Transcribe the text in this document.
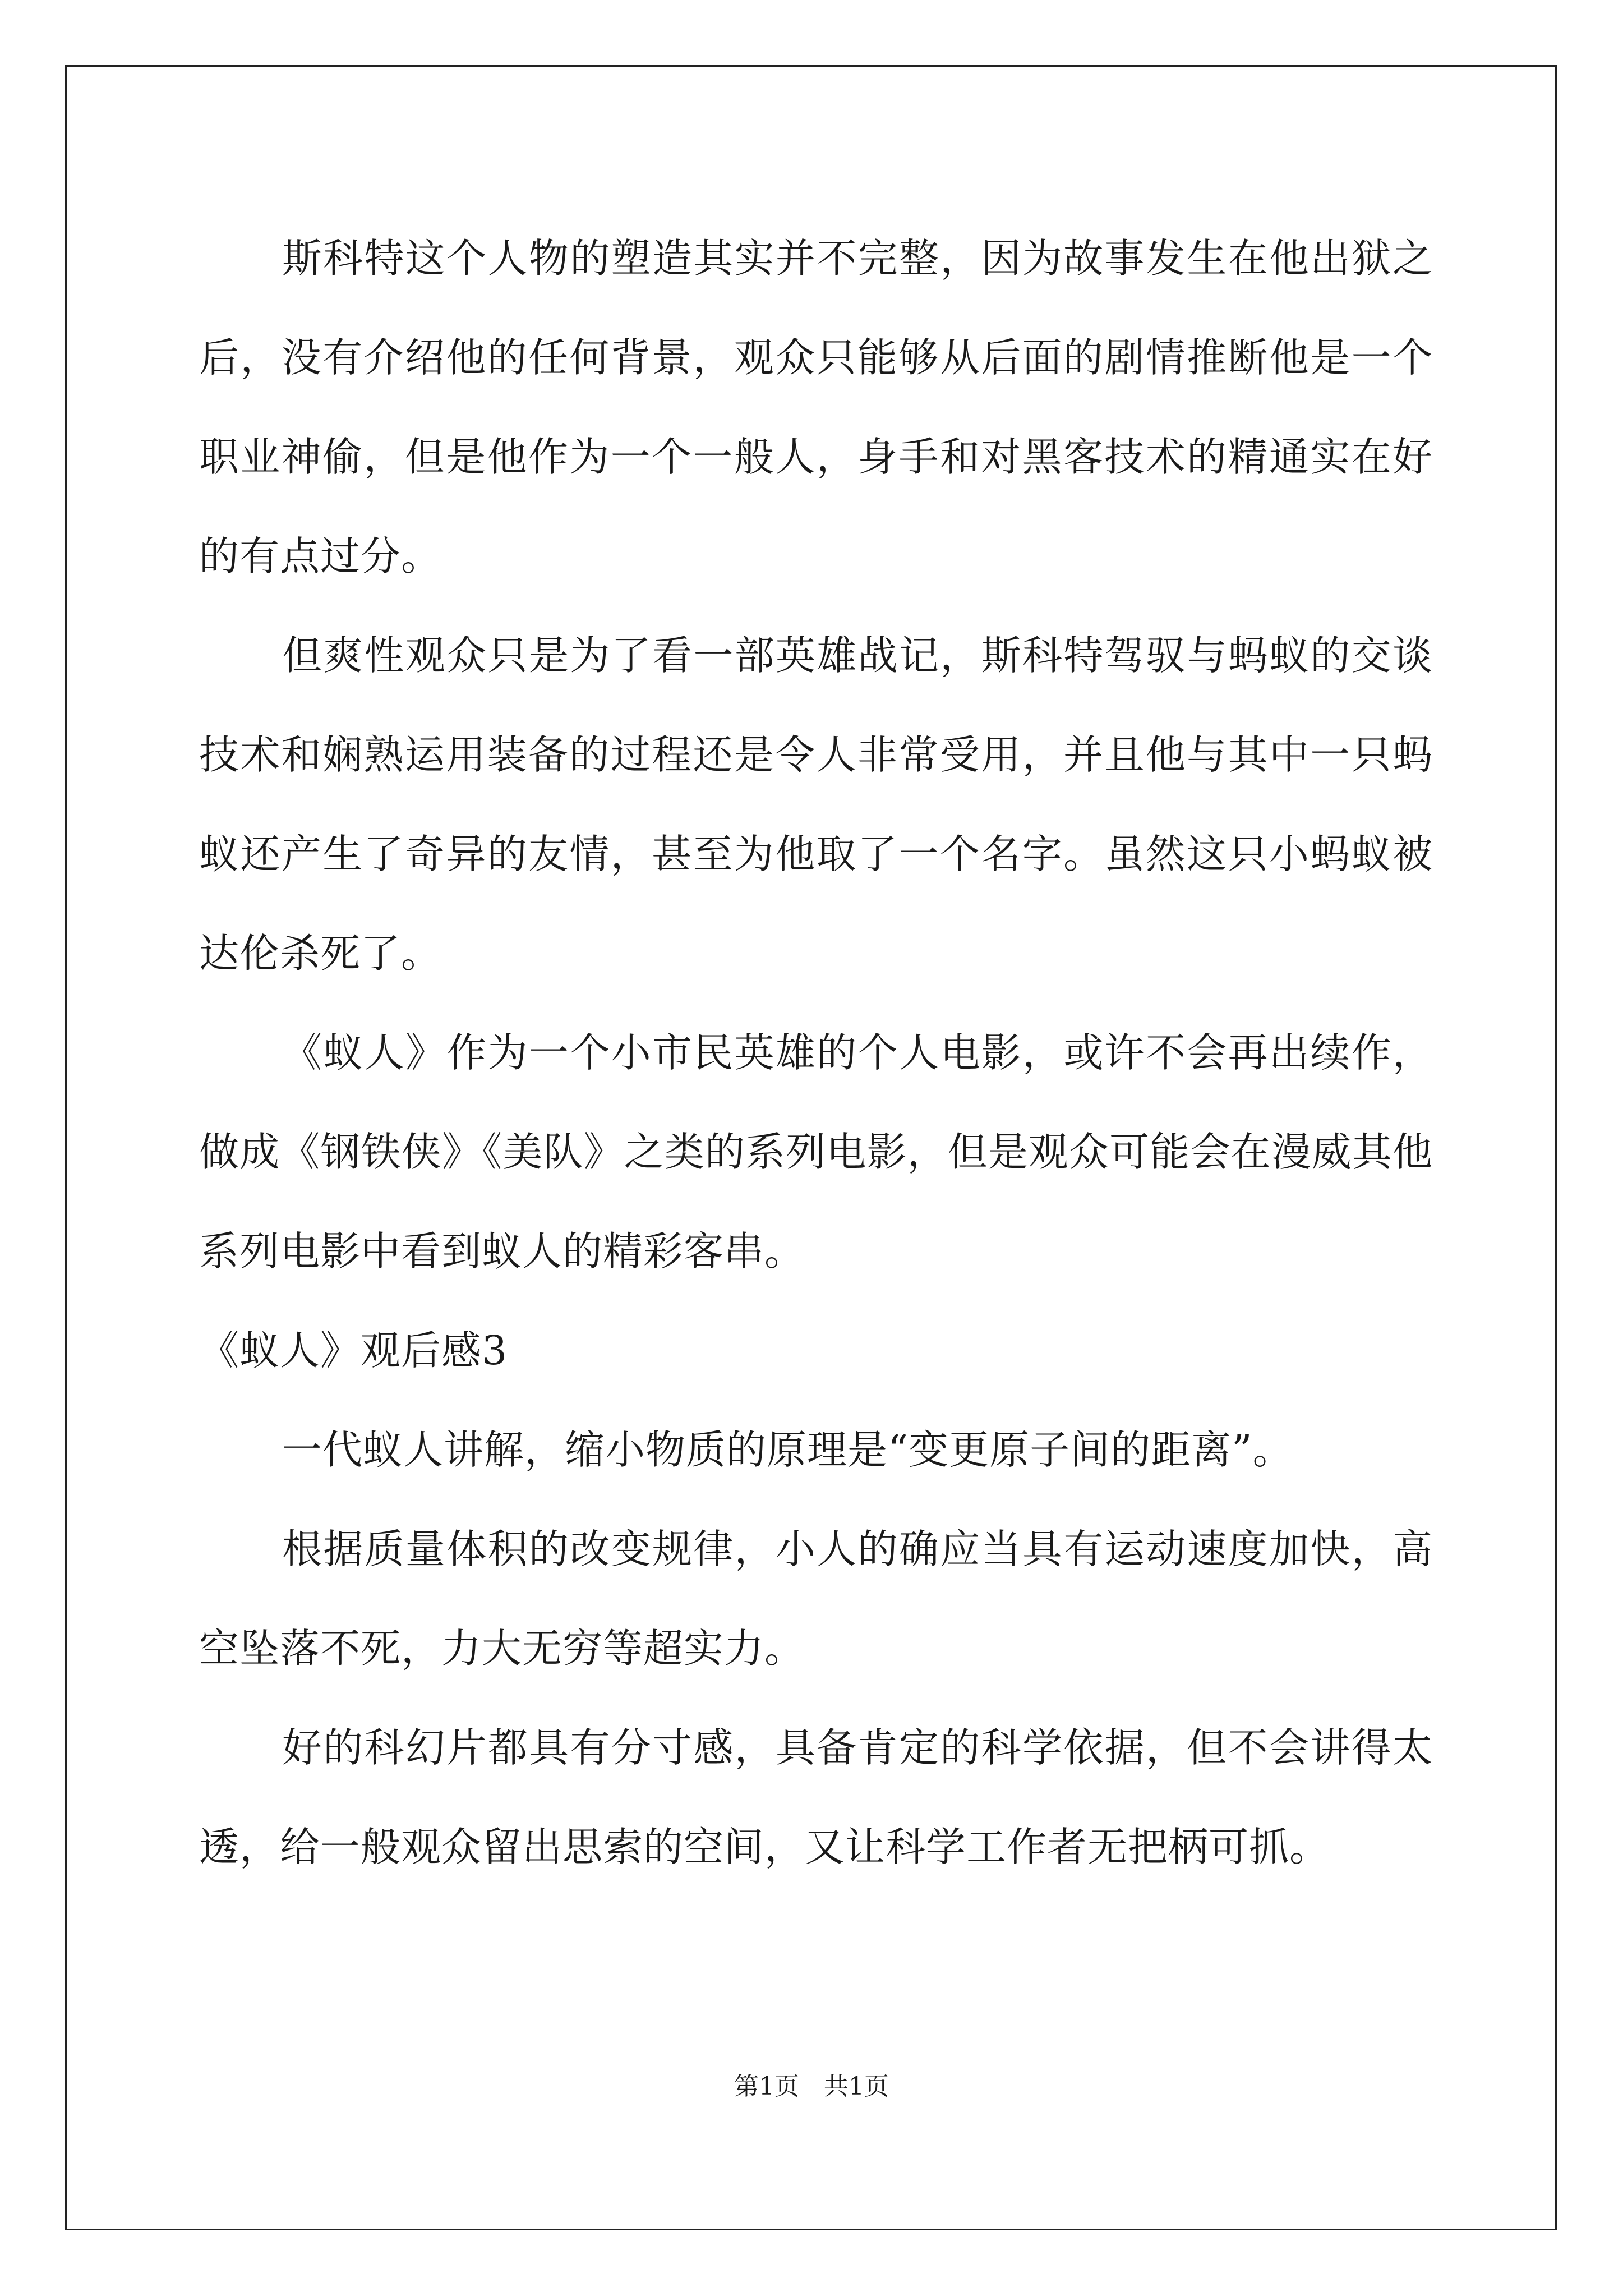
斯科特这个人物的塑造其实并不完整，因为故事发生在他出狱之后，没有介绍他的任何背景，观众只能够从后面的剧情推断他是一个职业神偷，但是他作为一个一般人，身手和对黑客技术的精通实在好的有点过分。

但爽性观众只是为了看一部英雄战记，斯科特驾驭与蚂蚁的交谈技术和娴熟运用装备的过程还是令人非常受用，并且他与其中一只蚂蚁还产生了奇异的友情，甚至为他取了一个名字。虽然这只小蚂蚁被达伦杀死了。

《蚁人》作为一个小市民英雄的个人电影，或许不会再出续作，做成《钢铁侠》《美队》之类的系列电影，但是观众可能会在漫威其他系列电影中看到蚁人的精彩客串。

《蚁人》观后感3

一代蚁人讲解，缩小物质的原理是“变更原子间的距离”。

根据质量体积的改变规律，小人的确应当具有运动速度加快，高空坠落不死，力大无穷等超实力。

好的科幻片都具有分寸感，具备肯定的科学依据，但不会讲得太透，给一般观众留出思索的空间，又让科学工作者无把柄可抓。

第1页　共1页
